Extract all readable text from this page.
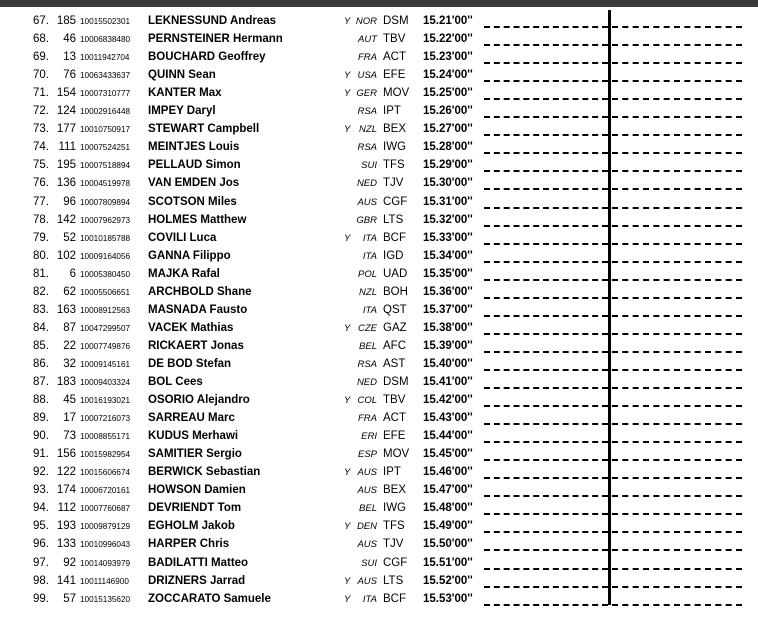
67. 185 10015502301 LEKNESSUND Andreas	Y NOR DSM 15.21'00''
68.	46 10006838480 PERNSTEINER Hermann	AUT TBV 15.22'00''
69.	13 10011942704 BOUCHARD Geoffrey	FRA ACT 15.23'00''
70.	76 10063433637 QUINN Sean	Y USA EFE 15.24'00''
71. 154 10007310777 KANTER Max	Y GER MOV 15.25'00''
72. 124 10002916448 IMPEY Daryl	RSA IPT 15.26'00''
73. 177 10010750917 STEWART Campbell	Y NZL BEX 15.27'00''
74. 111 10007524251 MEINTJES Louis	RSA IWG 15.28'00''
75. 195 10007518894 PELLAUD Simon	SUI TFS 15.29'00''
76. 136 10004519978 VAN EMDEN Jos	NED TJV 15.30'00''
77.	96 10007809894 SCOTSON Miles	AUS CGF 15.31'00''
78. 142 10007962973 HOLMES Matthew	GBR LTS 15.32'00''
79.	52 10010185788 COVILI Luca	Y	ITA BCF 15.33'00''
80. 102 10009164056 GANNA Filippo	ITA IGD 15.34'00''
81.	6 10005380450 MAJKA Rafal	POL UAD 15.35'00''
82.	62 10005506651 ARCHBOLD Shane	NZL BOH 15.36'00''
83. 163 10008912563 MASNADA Fausto	ITA QST 15.37'00''
84.	87 10047299507 VACEK Mathias	Y CZE GAZ 15.38'00''
85.	22 10007749876 RICKAERT Jonas	BEL AFC 15.39'00''
86.	32 10009145161 DE BOD Stefan	RSA AST 15.40'00''
87. 183 10009403324 BOL Cees	NED DSM 15.41'00''
88.	45 10016193021 OSORIO Alejandro	Y COL TBV 15.42'00''
89.	17 10007216073 SARREAU Marc	FRA ACT 15.43'00''
90.	73 10008855171 KUDUS Merhawi	ERI EFE 15.44'00''
91. 156 10015982954 SAMITIER Sergio	ESP MOV 15.45'00''
92. 122 10015606674 BERWICK Sebastian	Y AUS IPT 15.46'00''
93. 174 10006720161 HOWSON Damien	AUS BEX 15.47'00''
94. 112 10007760687 DEVRIENDT Tom	BEL IWG 15.48'00''
95. 193 10009879129 EGHOLM Jakob	Y DEN TFS 15.49'00''
96. 133 10010996043 HARPER Chris	AUS TJV 15.50'00''
97.	92 10014093979 BADILATTI Matteo	SUI CGF 15.51'00''
98. 141 10011146900 DRIZNERS Jarrad	Y AUS LTS 15.52'00''
99.	57 10015135620 ZOCCARATO Samuele	Y	ITA BCF 15.53'00''
